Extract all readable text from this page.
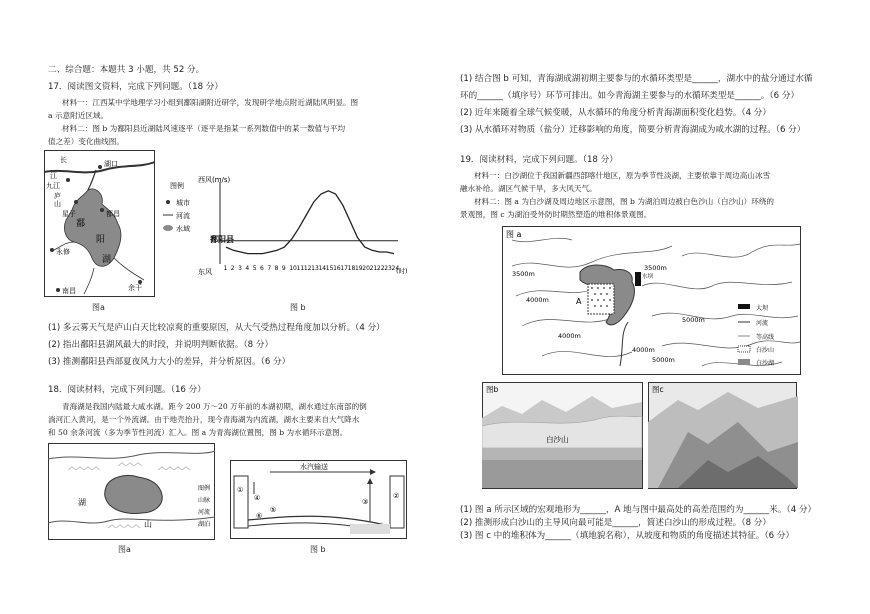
二、综合题：本题共 3 小题，共 52 分。
17．阅读图文资料，完成下列问题。（18 分）
材料一：江西某中学地理学习小组到鄱阳湖附近研学，发现研学地点附近湖陆风明显。图
a 示意附近区域。
材料二：图 b 为鄱阳县近湖陆风速逐平（逐平是指某一系列数值中的某一数值与平均
值之差）变化曲线图。
长
江
湖口
九江
庐
山
星子	都昌
鄱
阳
湖
永修
余干
南昌
图a
图例
城市
河流
水域
西风(m/s)
东风
鄱阳县
(时)
1 2 3 4 5 6 7 8 9 10 11 12 13 14 15 16 17 18 19 20 21 22 23 24
图 b
(1) 多云雾天气是庐山白天比较凉爽的重要原因，从大气受热过程角度加以分析。（4 分）
(2) 指出鄱阳县湖风最大的时段，并说明判断依据。（8 分）
(3) 推测鄱阳县西部夏夜风力大小的差异，并分析原因。（6 分）
18．阅读材料，完成下列问题。（16 分）
青海湖是我国内陆最大咸水湖。距今 200 万～20 万年前的本湖初期，湖水通过东南部的倒
淌河汇入黄河，是一个外流湖。由于地壳抬升，现今青海湖为内流湖，湖水主要来自大气降水
和 50 余条河流（多为季节性河流）汇入。图 a 为青海湖位置图，图 b 为水循环示意图。
︿︿︿︿ ︿︿︿ ︿︿︿︿
︿︿︿︿
湖
山
图例
山脉
河流
湖泊
图a
水汽输送
①
②
③
④
⑤
⑥
图 b
(1) 结合图 b 可知，青海湖成湖初期主要参与的水循环类型是______，湖水中的盐分通过水循
环的______（填序号）环节可排出。如今青海湖主要参与的水循环类型是______。（6 分）
(2) 近年来随着全球气候变暖，从水循环的角度分析青海湖面积变化趋势。（4 分）
(3) 从水循环对物质（盐分）迁移影响的角度，简要分析青海湖成为咸水湖的过程。（6 分）
19．阅读材料，完成下列问题。（18 分）
材料一：白沙湖位于我国新疆西部喀什地区，原为季节性淡湖，主要依靠于周边高山冰雪
融水补给。湖区气候干旱，多大风天气。
材料二：图 a 为白沙湖及周边地区示意图，图 b 为湖泊周边被白色沙山（白沙山）环绕的
景观图，图 c 为湖泊受外防时期然塑造的堆积体景观图。
图 a
A
3500m
4000m
3500m
4000m
5000m
4000m
5000m
水坝
大坝
河流
等高线
白沙山
白沙湖
图b
白沙山
图c
(1) 图 a 所示区域的宏观地形为______，A 地与图中最高处的高差范围约为______米。（4 分）
(2) 推测形成白沙山的主导风向最可能是______，简述白沙山的形成过程。（8 分）
(3) 图 c 中的堆积体为______（填地貌名称），从坡度和物质的角度描述其特征。（6 分）
